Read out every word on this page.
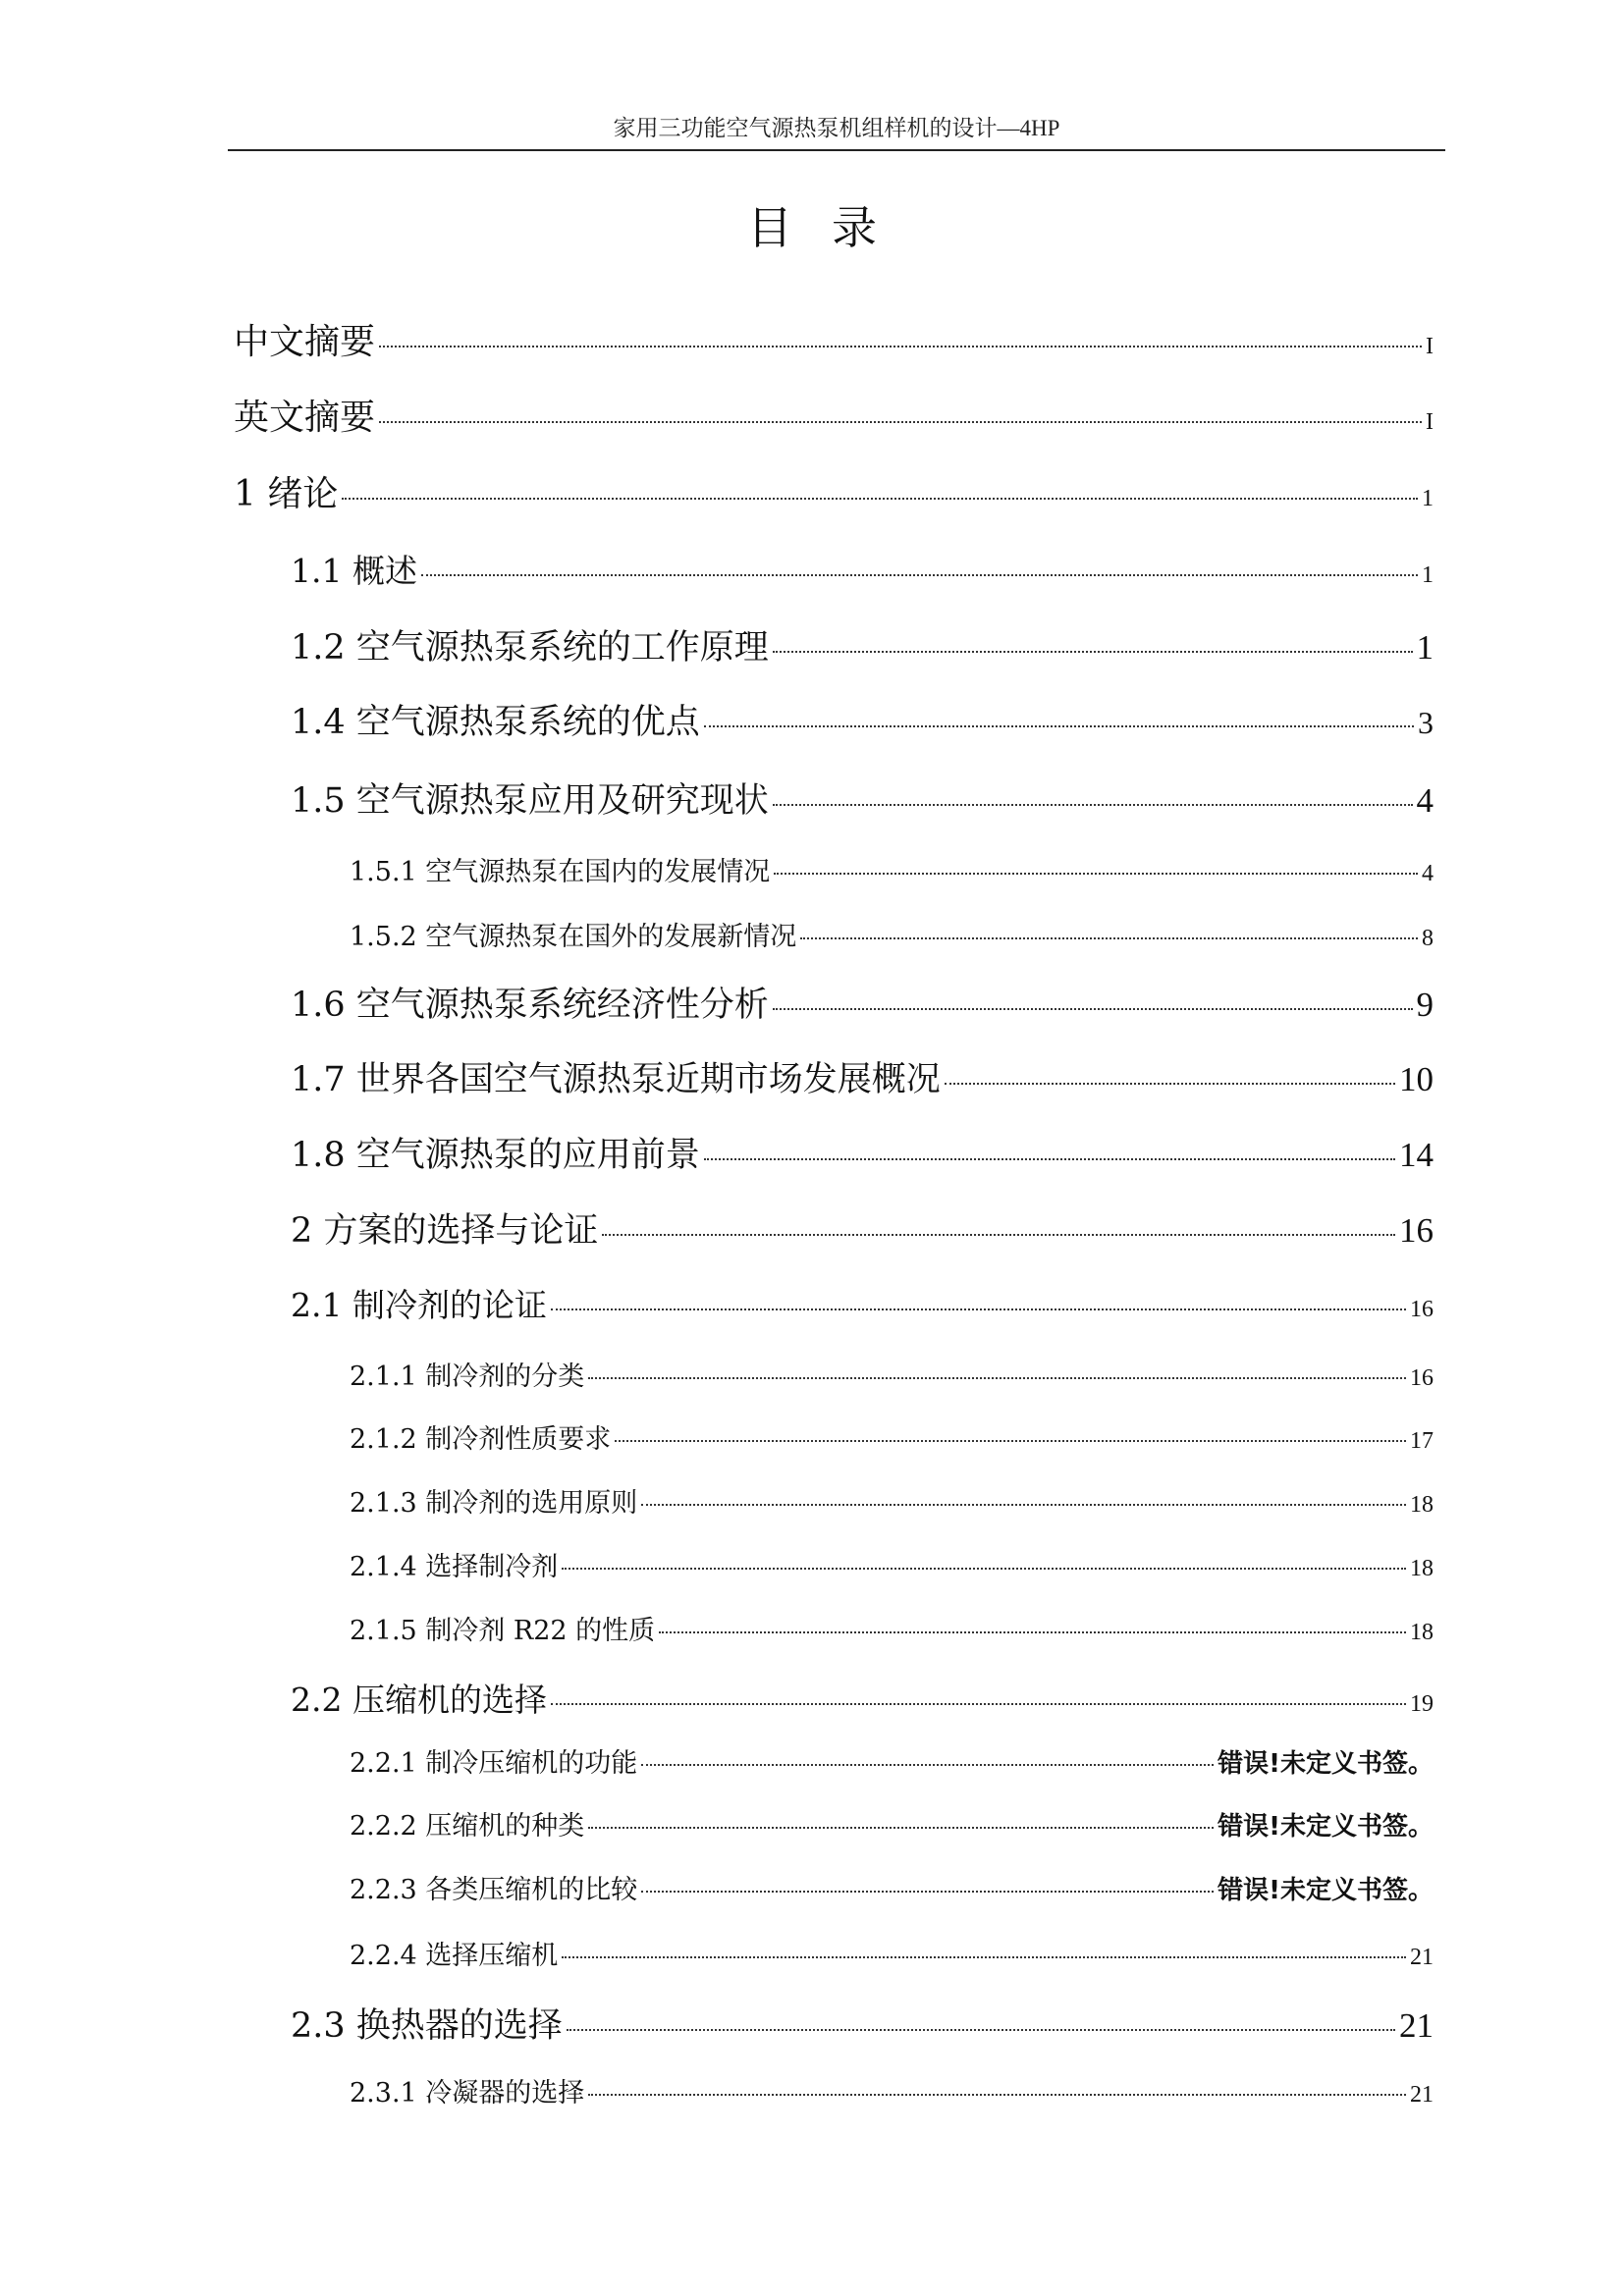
家用三功能空气源热泵机组样机的设计—4HP
目录
中文摘要	I
英文摘要	I
1 绪论	1
1.1 概述	1
1.2 空气源热泵系统的工作原理	1
1.4 空气源热泵系统的优点	3
1.5 空气源热泵应用及研究现状	4
1.5.1 空气源热泵在国内的发展情况	4
1.5.2 空气源热泵在国外的发展新情况	8
1.6 空气源热泵系统经济性分析	9
1.7 世界各国空气源热泵近期市场发展概况	10
1.8 空气源热泵的应用前景	14
2 方案的选择与论证	16
2.1 制冷剂的论证	16
2.1.1 制冷剂的分类	16
2.1.2 制冷剂性质要求	17
2.1.3 制冷剂的选用原则	18
2.1.4 选择制冷剂	18
2.1.5 制冷剂 R22 的性质	18
2.2 压缩机的选择	19
2.2.1 制冷压缩机的功能	错误!未定义书签。
2.2.2 压缩机的种类	错误!未定义书签。
2.2.3 各类压缩机的比较	错误!未定义书签。
2.2.4 选择压缩机	21
2.3 换热器的选择	21
2.3.1 冷凝器的选择	21
